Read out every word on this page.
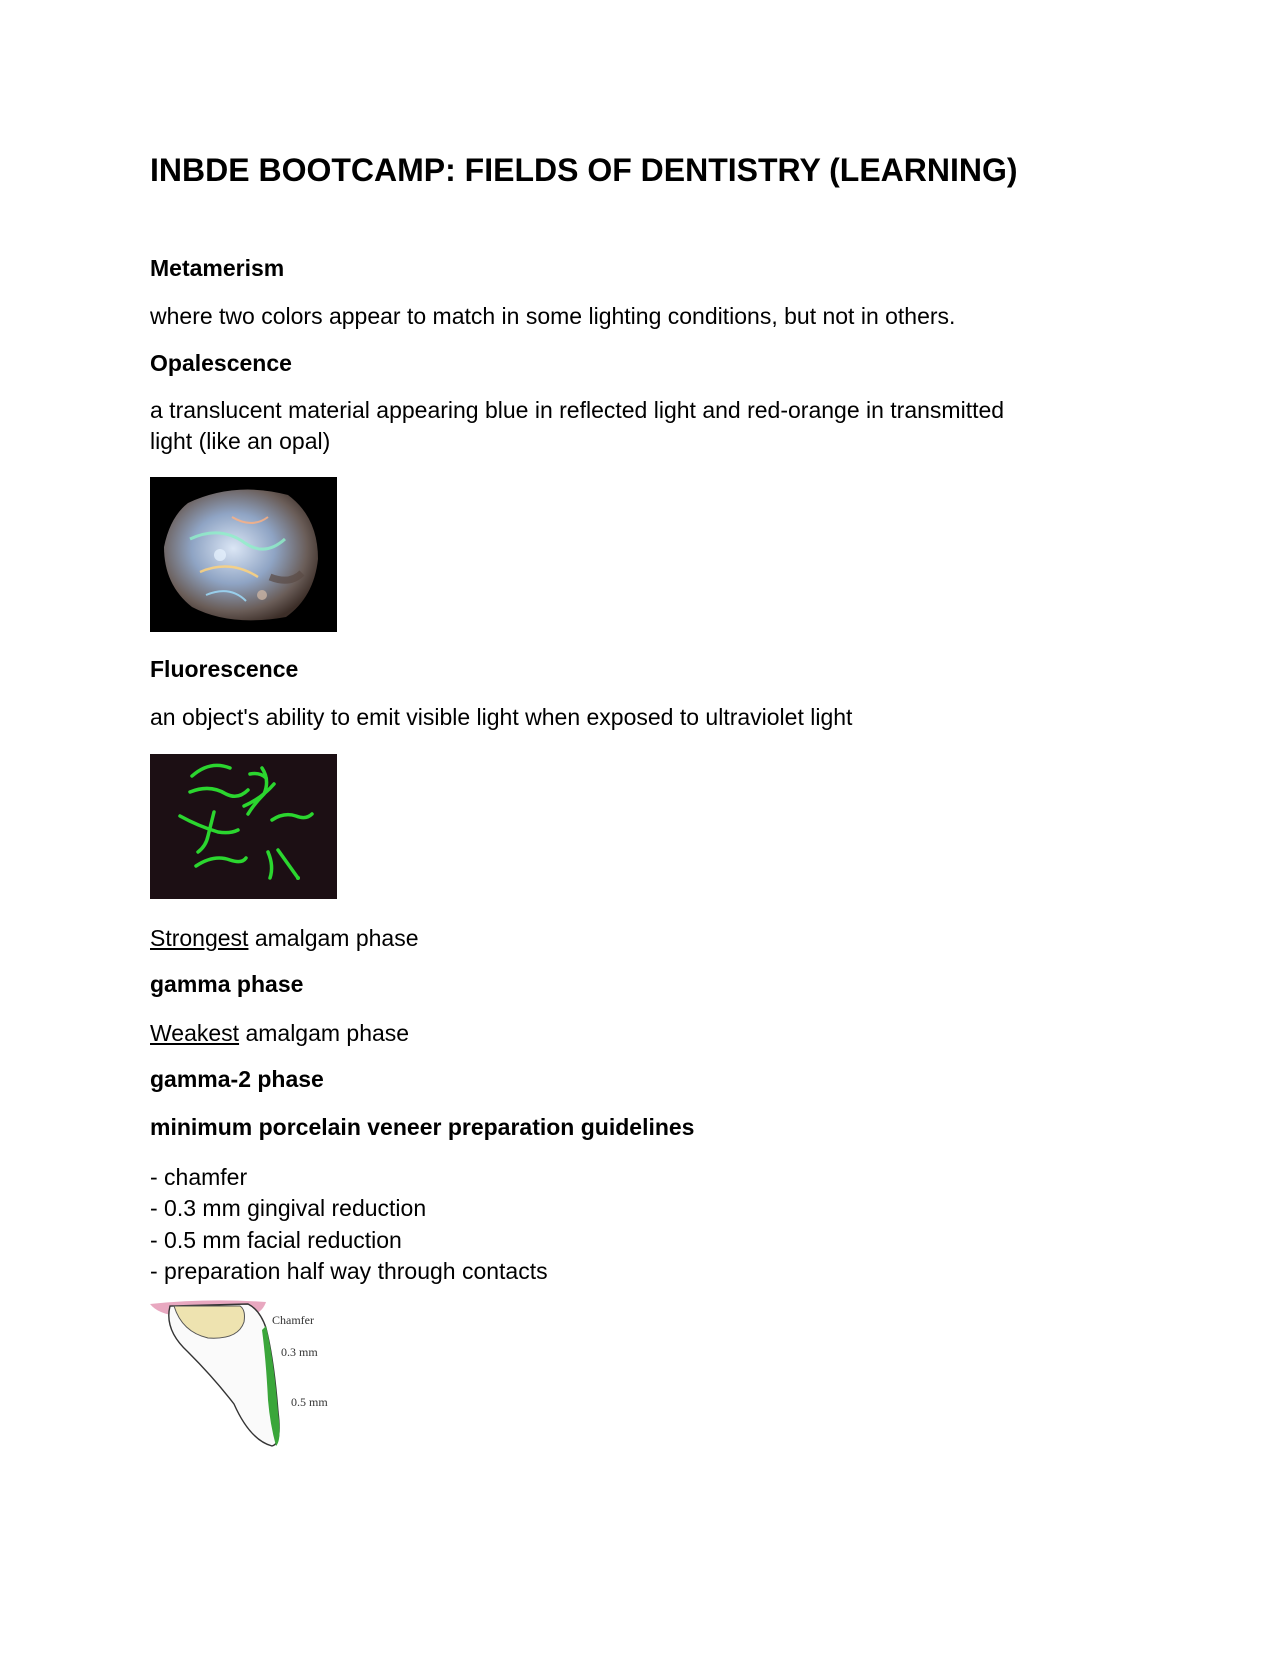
INBDE BOOTCAMP: FIELDS OF DENTISTRY (LEARNING)
Metamerism
where two colors appear to match in some lighting conditions, but not in others.
Opalescence
a translucent material appearing blue in reflected light and red-orange in transmitted
light (like an opal)
Fluorescence
an object's ability to emit visible light when exposed to ultraviolet light
Strongest amalgam phase
gamma phase
Weakest amalgam phase
gamma-2 phase
minimum porcelain veneer preparation guidelines
- chamfer
- 0.3 mm gingival reduction
- 0.5 mm facial reduction
- preparation half way through contacts
Chamfer
0.3 mm
0.5 mm
